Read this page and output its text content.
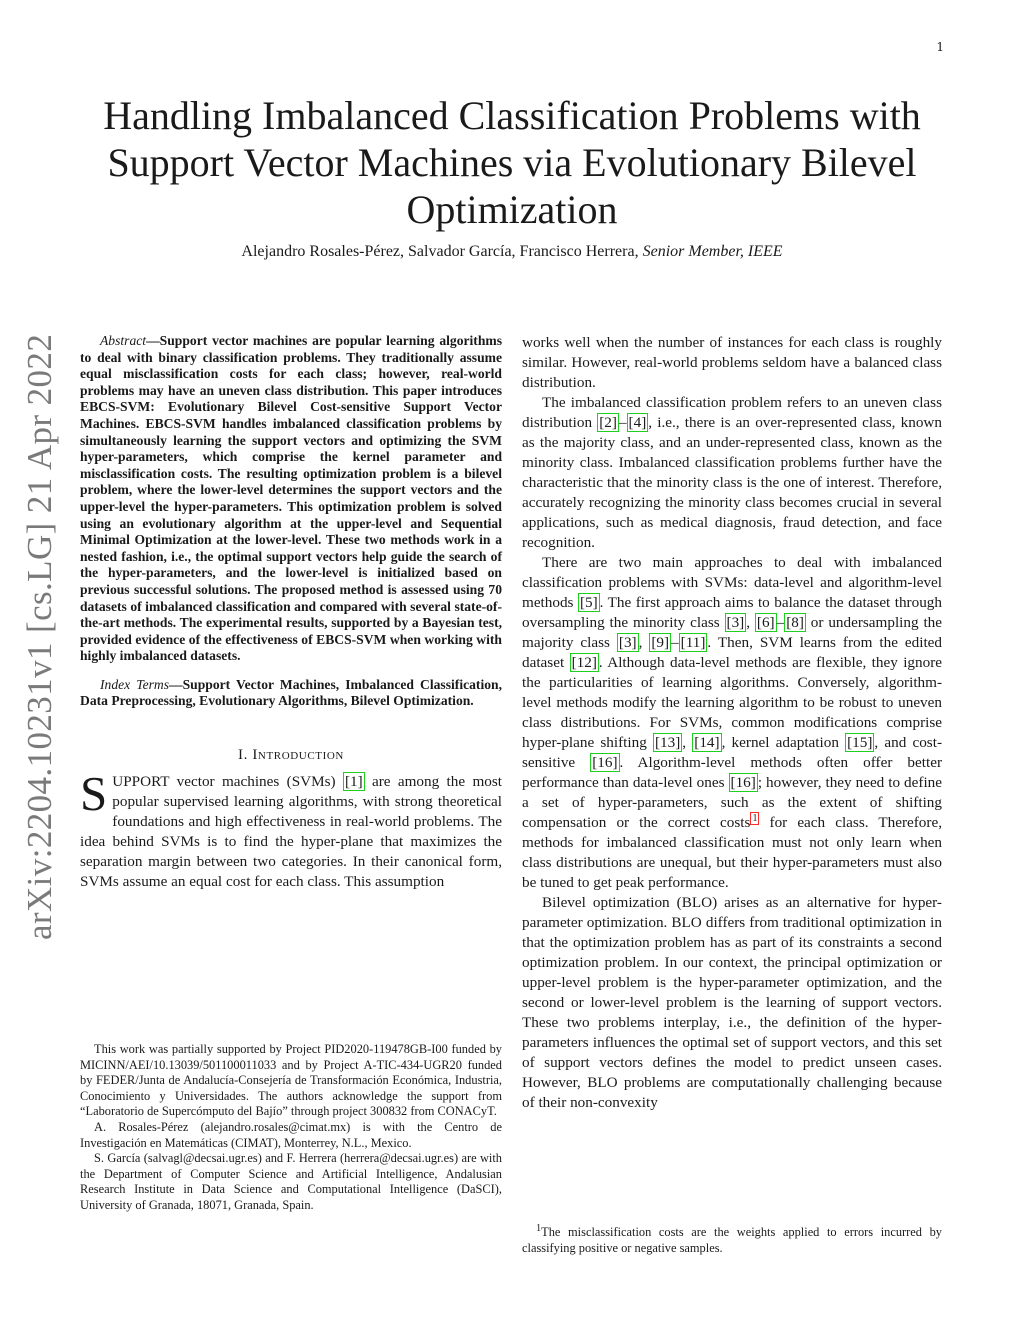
1
arXiv:2204.10231v1 [cs.LG] 21 Apr 2022
Handling Imbalanced Classification Problems with Support Vector Machines via Evolutionary Bilevel Optimization
Alejandro Rosales-Pérez, Salvador García, Francisco Herrera, Senior Member, IEEE

Abstract—Support vector machines are popular learning algorithms to deal with binary classification problems. They traditionally assume equal misclassification costs for each class; however, real-world problems may have an uneven class distribution. This paper introduces EBCS-SVM: Evolutionary Bilevel Cost-sensitive Support Vector Machines. EBCS-SVM handles imbalanced classification problems by simultaneously learning the support vectors and optimizing the SVM hyper-parameters, which comprise the kernel parameter and misclassification costs. The resulting optimization problem is a bilevel problem, where the lower-level determines the support vectors and the upper-level the hyper-parameters. This optimization problem is solved using an evolutionary algorithm at the upper-level and Sequential Minimal Optimization at the lower-level. These two methods work in a nested fashion, i.e., the optimal support vectors help guide the search of the hyper-parameters, and the lower-level is initialized based on previous successful solutions. The proposed method is assessed using 70 datasets of imbalanced classification and compared with several state-of-the-art methods. The experimental results, supported by a Bayesian test, provided evidence of the effectiveness of EBCS-SVM when working with highly imbalanced datasets.

Index Terms—Support Vector Machines, Imbalanced Classification, Data Preprocessing, Evolutionary Algorithms, Bilevel Optimization.

I. Introduction

SUPPORT vector machines (SVMs) [1] are among the most popular supervised learning algorithms, with strong theoretical foundations and high effectiveness in real-world problems. The idea behind SVMs is to find the hyper-plane that maximizes the separation margin between two categories. In their canonical form, SVMs assume an equal cost for each class. This assumption

This work was partially supported by Project PID2020-119478GB-I00 funded by MICINN/AEI/10.13039/501100011033 and by Project A-TIC-434-UGR20 funded by FEDER/Junta de Andalucía-Consejería de Transformación Económica, Industria, Conocimiento y Universidades. The authors acknowledge the support from “Laboratorio de Supercómputo del Bajío” through project 300832 from CONACyT.

A. Rosales-Pérez (alejandro.rosales@cimat.mx) is with the Centro de Investigación en Matemáticas (CIMAT), Monterrey, N.L., Mexico.

S. García (salvagl@decsai.ugr.es) and F. Herrera (herrera@decsai.ugr.es) are with the Department of Computer Science and Artificial Intelligence, Andalusian Research Institute in Data Science and Computational Intelligence (DaSCI), University of Granada, 18071, Granada, Spain.

works well when the number of instances for each class is roughly similar. However, real-world problems seldom have a balanced class distribution.

The imbalanced classification problem refers to an uneven class distribution [2] – [4] , i.e., there is an over-represented class, known as the majority class, and an under-represented class, known as the minority class. Imbalanced classification problems further have the characteristic that the minority class is the one of interest. Therefore, accurately recognizing the minority class becomes crucial in several applications, such as medical diagnosis, fraud detection, and face recognition.

There are two main approaches to deal with imbalanced classification problems with SVMs: data-level and algorithm-level methods [5] . The first approach aims to balance the dataset through oversampling the minority class [3] , [6] – [8] or undersampling the majority class [3] , [9] – [11] . Then, SVM learns from the edited dataset [12] . Although data-level methods are flexible, they ignore the particularities of learning algorithms. Conversely, algorithm-level methods modify the learning algorithm to be robust to uneven class distributions. For SVMs, common modifications comprise hyper-plane shifting [13] , [14] , kernel adaptation [15] , and cost-sensitive [16] . Algorithm-level methods often offer better performance than data-level ones [16] ; however, they need to define a set of hyper-parameters, such as the extent of shifting compensation or the correct costs $^1$ for each class. Therefore, methods for imbalanced classification must not only learn when class distributions are unequal, but their hyper-parameters must also be tuned to get peak performance.

Bilevel optimization (BLO) arises as an alternative for hyper-parameter optimization. BLO differs from traditional optimization in that the optimization problem has as part of its constraints a second optimization problem. In our context, the principal optimization or upper-level problem is the hyper-parameter optimization, and the second or lower-level problem is the learning of support vectors. These two problems interplay, i.e., the definition of the hyper-parameters influences the optimal set of support vectors, and this set of support vectors defines the model to predict unseen cases. However, BLO problems are computationally challenging because of their non-convexity

$^1$The misclassification costs are the weights applied to errors incurred by classifying positive or negative samples.
